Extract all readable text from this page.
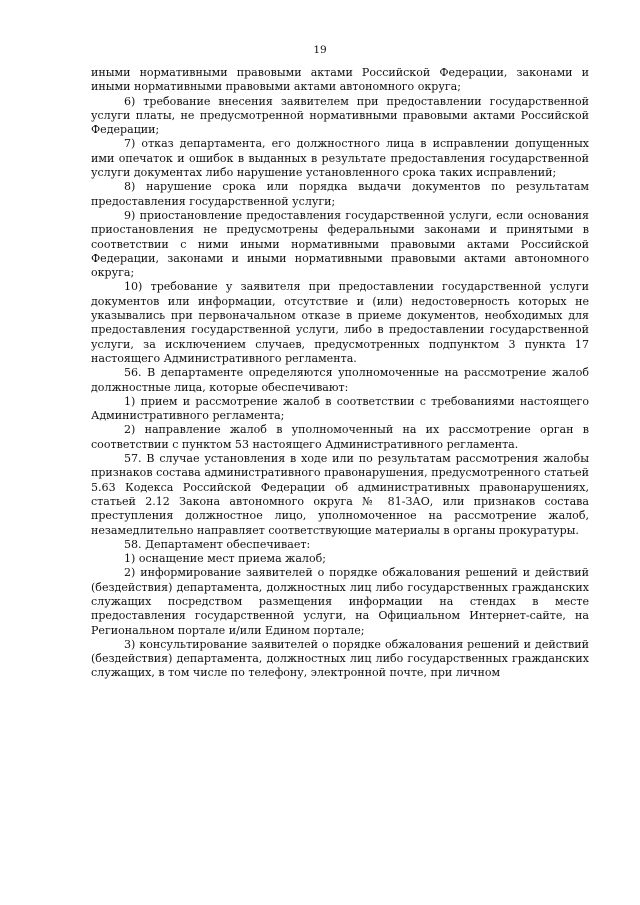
19

иными нормативными правовыми актами Российской Федерации, законами и иными нормативными правовыми актами автономного округа;

6) требование внесения заявителем при предоставлении государственной услуги платы, не предусмотренной нормативными правовыми актами Российской Федерации;

7) отказ департамента, его должностного лица в исправлении допущенных ими опечаток и ошибок в выданных в результате предоставления государственной услуги документах либо нарушение установленного срока таких исправлений;

8) нарушение срока или порядка выдачи документов по результатам предоставления государственной услуги;

9) приостановление предоставления государственной услуги, если основания приостановления не предусмотрены федеральными законами и принятыми в соответствии с ними иными нормативными правовыми актами Российской Федерации, законами и иными нормативными правовыми актами автономного округа;

10) требование у заявителя при предоставлении государственной услуги документов или информации, отсутствие и (или) недостоверность которых не указывались при первоначальном отказе в приеме документов, необходимых для предоставления государственной услуги, либо в предоставлении государственной услуги, за исключением случаев, предусмотренных подпунктом 3 пункта 17 настоящего Административного регламента.

56. В департаменте определяются уполномоченные на рассмотрение жалоб должностные лица, которые обеспечивают:

1) прием и рассмотрение жалоб в соответствии с требованиями настоящего Административного регламента;

2) направление жалоб в уполномоченный на их рассмотрение орган в соответствии с пунктом 53 настоящего Административного регламента.

57. В случае установления в ходе или по результатам рассмотрения жалобы признаков состава административного правонарушения, предусмотренного статьей 5.63 Кодекса Российской Федерации об административных правонарушениях, статьей 2.12 Закона автономного округа № 81-ЗАО, или признаков состава преступления должностное лицо, уполномоченное на рассмотрение жалоб, незамедлительно направляет соответствующие материалы в органы прокуратуры.

58. Департамент обеспечивает:

1) оснащение мест приема жалоб;

2) информирование заявителей о порядке обжалования решений и действий (бездействия) департамента, должностных лиц либо государственных гражданских служащих посредством размещения информации на стендах в месте предоставления государственной услуги, на Официальном Интернет-сайте, на Региональном портале и/или Едином портале;

3) консультирование заявителей о порядке обжалования решений и действий (бездействия) департамента, должностных лиц либо государственных гражданских служащих, в том числе по телефону, электронной почте, при личном
